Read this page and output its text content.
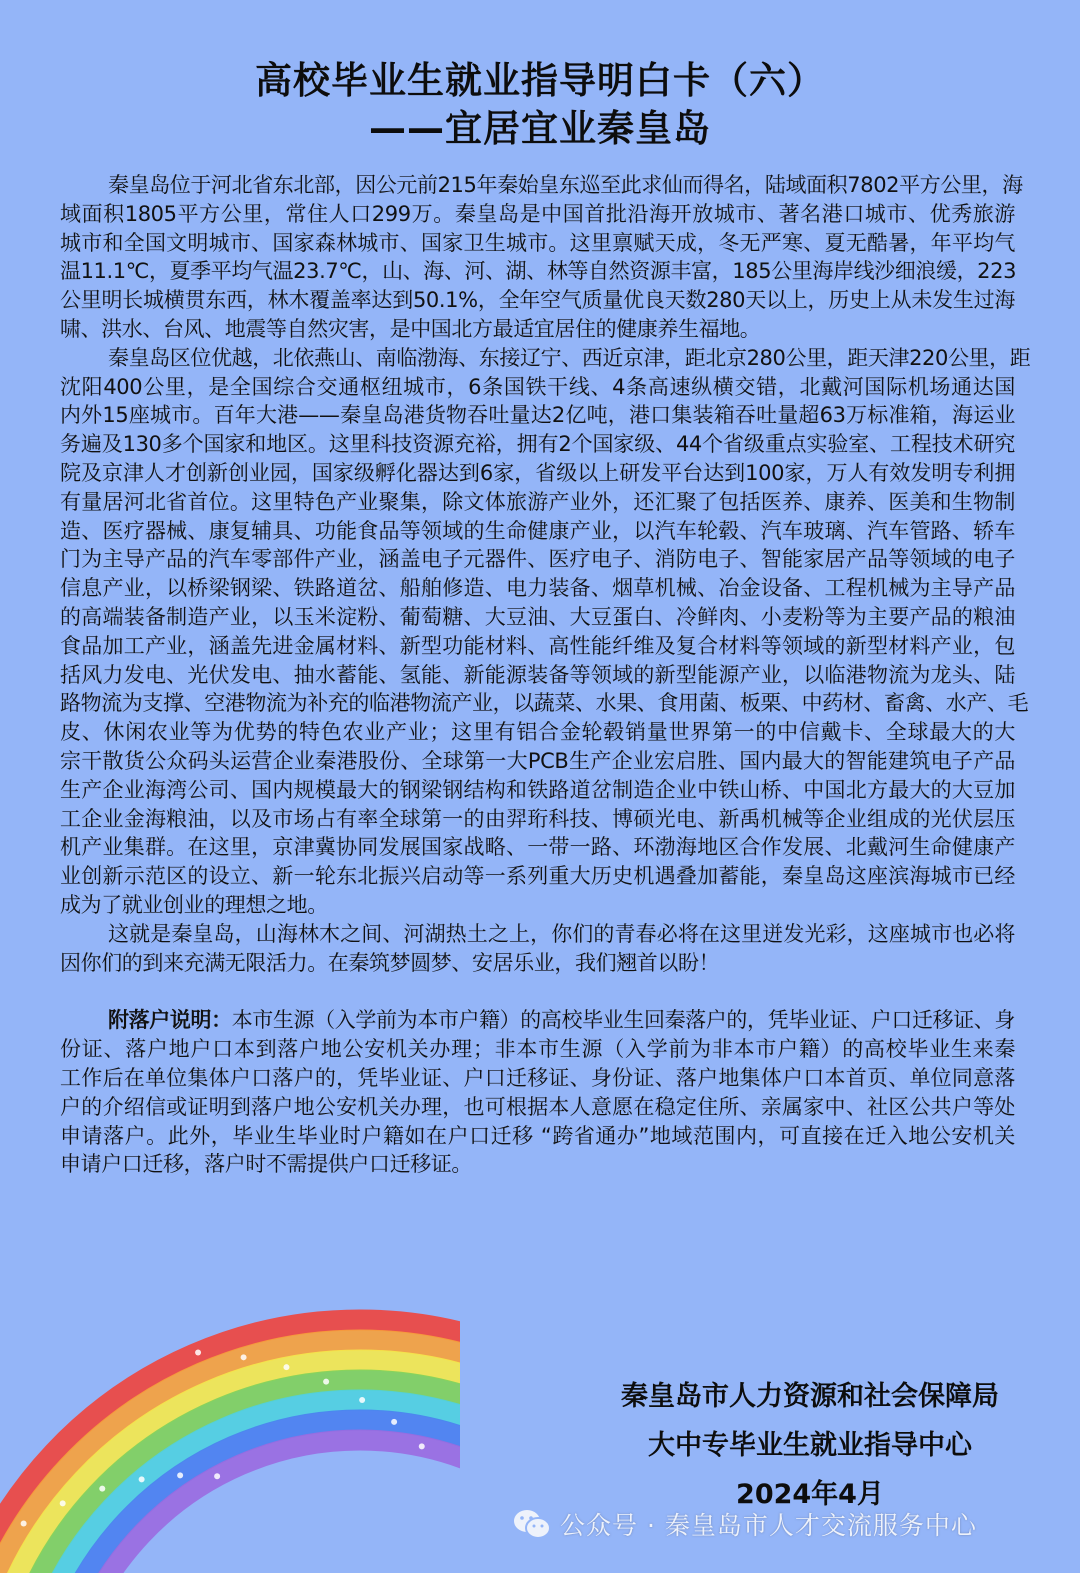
高校毕业生就业指导明白卡（六）
——宜居宜业秦皇岛
秦皇岛位于河北省东北部，因公元前215年秦始皇东巡至此求仙而得名，陆域面积7802平方公里，海
域面积1805平方公里，常住人口299万。秦皇岛是中国首批沿海开放城市、著名港口城市、优秀旅游
城市和全国文明城市、国家森林城市、国家卫生城市。这里禀赋天成，冬无严寒、夏无酷暑，年平均气
温11.1℃，夏季平均气温23.7℃，山、海、河、湖、林等自然资源丰富，185公里海岸线沙细浪缓，223
公里明长城横贯东西，林木覆盖率达到50.1%，全年空气质量优良天数280天以上，历史上从未发生过海
啸、洪水、台风、地震等自然灾害，是中国北方最适宜居住的健康养生福地。
秦皇岛区位优越，北依燕山、南临渤海、东接辽宁、西近京津，距北京280公里，距天津220公里，距
沈阳400公里，是全国综合交通枢纽城市，6条国铁干线、4条高速纵横交错，北戴河国际机场通达国
内外15座城市。百年大港——秦皇岛港货物吞吐量达2亿吨，港口集装箱吞吐量超63万标准箱，海运业
务遍及130多个国家和地区。这里科技资源充裕，拥有2个国家级、44个省级重点实验室、工程技术研究
院及京津人才创新创业园，国家级孵化器达到6家，省级以上研发平台达到100家，万人有效发明专利拥
有量居河北省首位。这里特色产业聚集，除文体旅游产业外，还汇聚了包括医养、康养、医美和生物制
造、医疗器械、康复辅具、功能食品等领域的生命健康产业，以汽车轮毂、汽车玻璃、汽车管路、轿车
门为主导产品的汽车零部件产业，涵盖电子元器件、医疗电子、消防电子、智能家居产品等领域的电子
信息产业，以桥梁钢梁、铁路道岔、船舶修造、电力装备、烟草机械、冶金设备、工程机械为主导产品
的高端装备制造产业，以玉米淀粉、葡萄糖、大豆油、大豆蛋白、冷鲜肉、小麦粉等为主要产品的粮油
食品加工产业，涵盖先进金属材料、新型功能材料、高性能纤维及复合材料等领域的新型材料产业，包
括风力发电、光伏发电、抽水蓄能、氢能、新能源装备等领域的新型能源产业，以临港物流为龙头、陆
路物流为支撑、空港物流为补充的临港物流产业，以蔬菜、水果、食用菌、板栗、中药材、畜禽、水产、毛
皮、休闲农业等为优势的特色农业产业；这里有铝合金轮毂销量世界第一的中信戴卡、全球最大的大
宗干散货公众码头运营企业秦港股份、全球第一大PCB生产企业宏启胜、国内最大的智能建筑电子产品
生产企业海湾公司、国内规模最大的钢梁钢结构和铁路道岔制造企业中铁山桥、中国北方最大的大豆加
工企业金海粮油，以及市场占有率全球第一的由羿珩科技、博硕光电、新禹机械等企业组成的光伏层压
机产业集群。在这里，京津冀协同发展国家战略、一带一路、环渤海地区合作发展、北戴河生命健康产
业创新示范区的设立、新一轮东北振兴启动等一系列重大历史机遇叠加蓄能，秦皇岛这座滨海城市已经
成为了就业创业的理想之地。
这就是秦皇岛，山海林木之间、河湖热土之上，你们的青春必将在这里迸发光彩，这座城市也必将
因你们的到来充满无限活力。在秦筑梦圆梦、安居乐业，我们翘首以盼！
附落户说明：本市生源（入学前为本市户籍）的高校毕业生回秦落户的，凭毕业证、户口迁移证、身
份证、落户地户口本到落户地公安机关办理；非本市生源（入学前为非本市户籍）的高校毕业生来秦
工作后在单位集体户口落户的，凭毕业证、户口迁移证、身份证、落户地集体户口本首页、单位同意落
户的介绍信或证明到落户地公安机关办理，也可根据本人意愿在稳定住所、亲属家中、社区公共户等处
申请落户。此外，毕业生毕业时户籍如在户口迁移 “跨省通办”地域范围内，可直接在迁入地公安机关
申请户口迁移，落户时不需提供户口迁移证。
秦皇岛市人力资源和社会保障局
大中专毕业生就业指导中心
2024年4月
公众号 · 秦皇岛市人才交流服务中心
